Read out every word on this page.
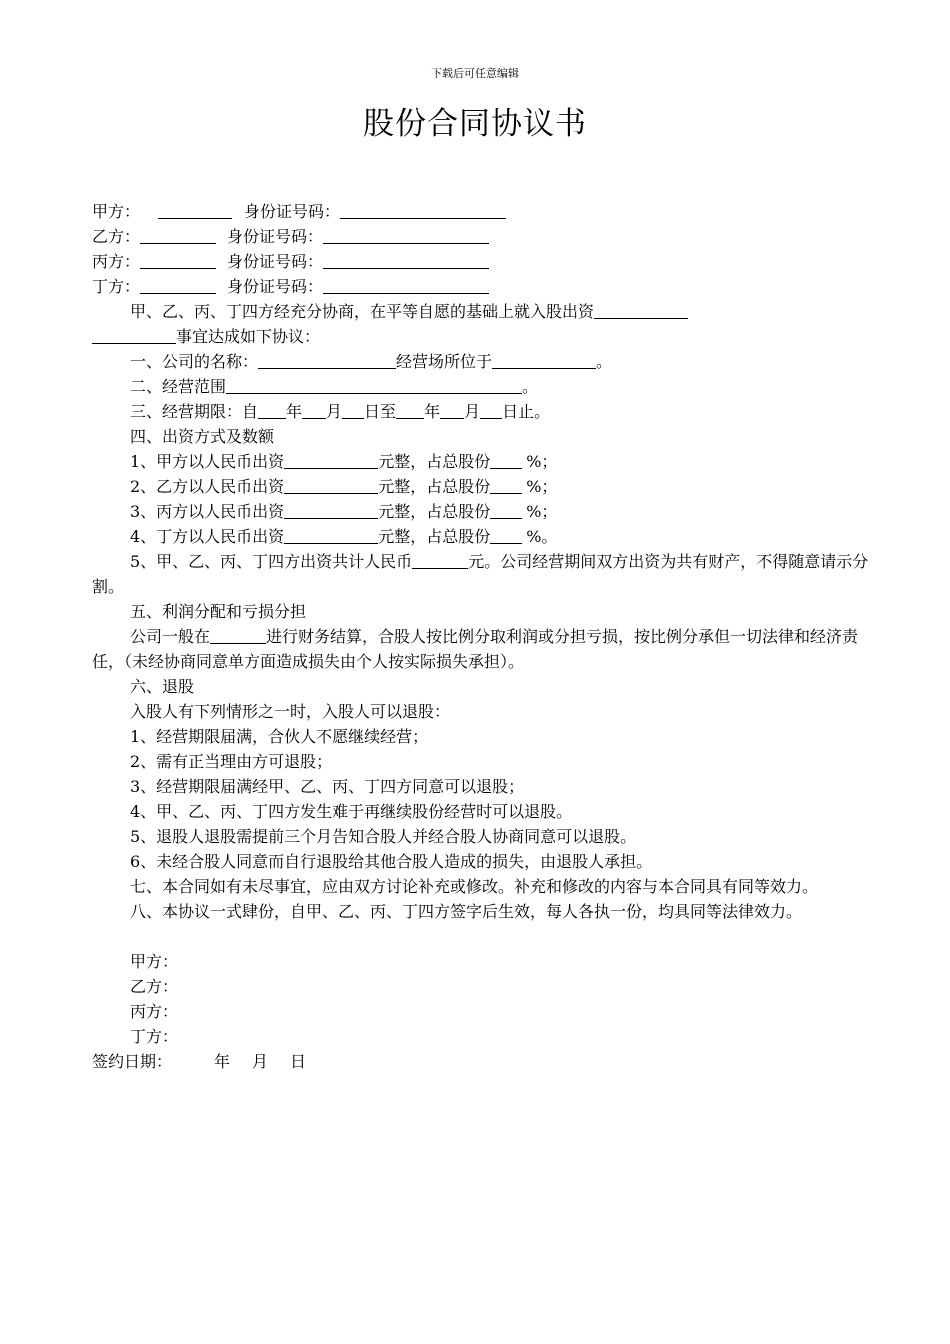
下载后可任意编辑
股份合同协议书
甲方：	身份证号码：
乙方：	身份证号码：
丙方：	身份证号码：
丁方：	身份证号码：
甲、乙、丙、丁四方经充分协商，在平等自愿的基础上就入股出资
事宜达成如下协议：
一、公司的名称：	经营场所位于	。
二、经营范围	。
三、经营期限：自 年 月 日至 年 月 日止。
四、出资方式及数额
1、甲方以人民币出资	元整，占总股份 %；
2、乙方以人民币出资	元整，占总股份 %；
3、丙方以人民币出资	元整，占总股份 %；
4、丁方以人民币出资	元整，占总股份 %。
5、甲、乙、丙、丁四方出资共计人民币	元。公司经营期间双方出资为共有财产，不得随意请示分割。
五、利润分配和亏损分担
公司一般在	进行财务结算，合股人按比例分取利润或分担亏损，按比例分承但一切法律和经济责任，（未经协商同意单方面造成损失由个人按实际损失承担）。
六、退股
入股人有下列情形之一时，入股人可以退股：
1、经营期限届满，合伙人不愿继续经营；
2、需有正当理由方可退股；
3、经营期限届满经甲、乙、丙、丁四方同意可以退股；
4、甲、乙、丙、丁四方发生难于再继续股份经营时可以退股。
5、退股人退股需提前三个月告知合股人并经合股人协商同意可以退股。
6、未经合股人同意而自行退股给其他合股人造成的损失，由退股人承担。
七、本合同如有未尽事宜，应由双方讨论补充或修改。补充和修改的内容与本合同具有同等效力。
八、本协议一式肆份，自甲、乙、丙、丁四方签字后生效，每人各执一份，均具同等法律效力。
甲方：
乙方：
丙方：
丁方：
签约日期：	年 月 日
